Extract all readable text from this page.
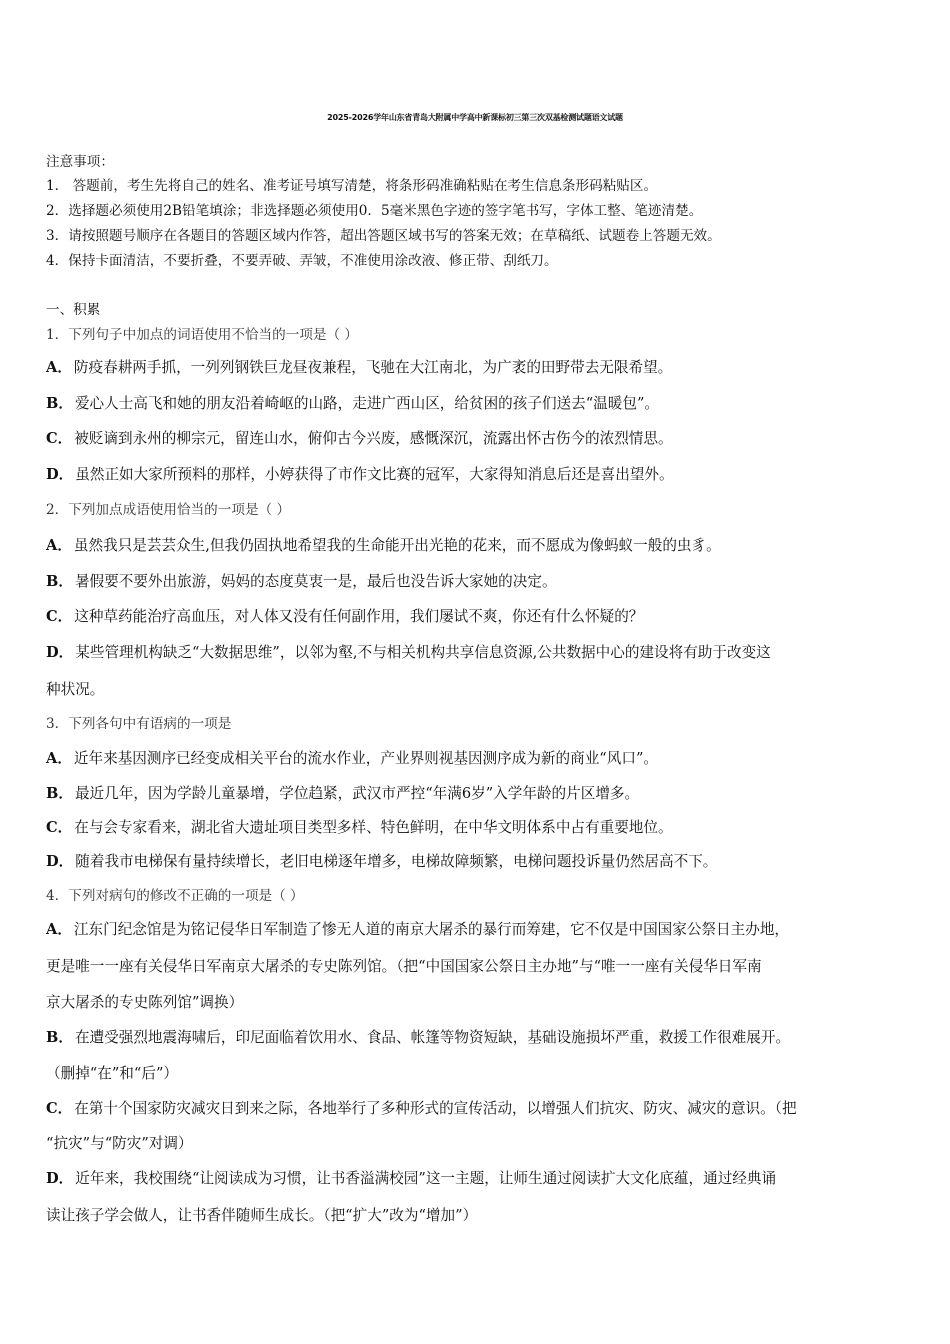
2025-2026学年山东省青岛大附属中学高中新课标初三第三次双基检测试题语文试题
注意事项：
1． 答题前，考生先将自己的姓名、准考证号填写清楚，将条形码准确粘贴在考生信息条形码粘贴区。
2．选择题必须使用2B铅笔填涂；非选择题必须使用0．5毫米黑色字迹的签字笔书写，字体工整、笔迹清楚。
3．请按照题号顺序在各题目的答题区域内作答，超出答题区域书写的答案无效；在草稿纸、试题卷上答题无效。
4．保持卡面清洁，不要折叠，不要弄破、弄皱，不准使用涂改液、修正带、刮纸刀。
一、积累
1．下列句子中加点的词语使用不恰当的一项是（ ）
A． 防疫春耕两手抓，一列列钢铁巨龙昼夜兼程，飞驰在大江南北，为广袤的田野带去无限希望。
B． 爱心人士高飞和她的朋友沿着崎岖的山路，走进广西山区，给贫困的孩子们送去“温暖包”。
C． 被贬谪到永州的柳宗元，留连山水，俯仰古今兴废，感慨深沉，流露出怀古伤今的浓烈情思。
D． 虽然正如大家所预料的那样，小婷获得了市作文比赛的冠军，大家得知消息后还是喜出望外。
2．下列加点成语使用恰当的一项是（ ）
A． 虽然我只是芸芸众生,但我仍固执地希望我的生命能开出光艳的花来，而不愿成为像蚂蚁一般的虫豸。
B． 暑假要不要外出旅游，妈妈的态度莫衷一是，最后也没告诉大家她的决定。
C． 这种草药能治疗高血压，对人体又没有任何副作用，我们屡试不爽，你还有什么怀疑的？
D． 某些管理机构缺乏“大数据思维”，以邻为壑,不与相关机构共享信息资源,公共数据中心的建设将有助于改变这
种状况。
3．下列各句中有语病的一项是
A． 近年来基因测序已经变成相关平台的流水作业，产业界则视基因测序成为新的商业“风口”。
B． 最近几年，因为学龄儿童暴增，学位趋紧，武汉市严控“年满6岁”入学年龄的片区增多。
C． 在与会专家看来，湖北省大遗址项目类型多样、特色鲜明，在中华文明体系中占有重要地位。
D． 随着我市电梯保有量持续增长，老旧电梯逐年增多，电梯故障频繁，电梯问题投诉量仍然居高不下。
4．下列对病句的修改不正确的一项是（ ）
A． 江东门纪念馆是为铭记侵华日军制造了惨无人道的南京大屠杀的暴行而筹建，它不仅是中国国家公祭日主办地，
更是唯一一座有关侵华日军南京大屠杀的专史陈列馆。（把“中国国家公祭日主办地”与“唯一一座有关侵华日军南
京大屠杀的专史陈列馆”调换）
B． 在遭受强烈地震海啸后，印尼面临着饮用水、食品、帐篷等物资短缺，基础设施损坏严重，救援工作很难展开。
（删掉“在”和“后”）
C． 在第十个国家防灾减灾日到来之际，各地举行了多种形式的宣传活动，以增强人们抗灾、防灾、减灾的意识。（把
“抗灾”与“防灾”对调）
D． 近年来，我校围绕“让阅读成为习惯，让书香溢满校园”这一主题，让师生通过阅读扩大文化底蕴，通过经典诵
读让孩子学会做人，让书香伴随师生成长。（把“扩大”改为“增加”）
